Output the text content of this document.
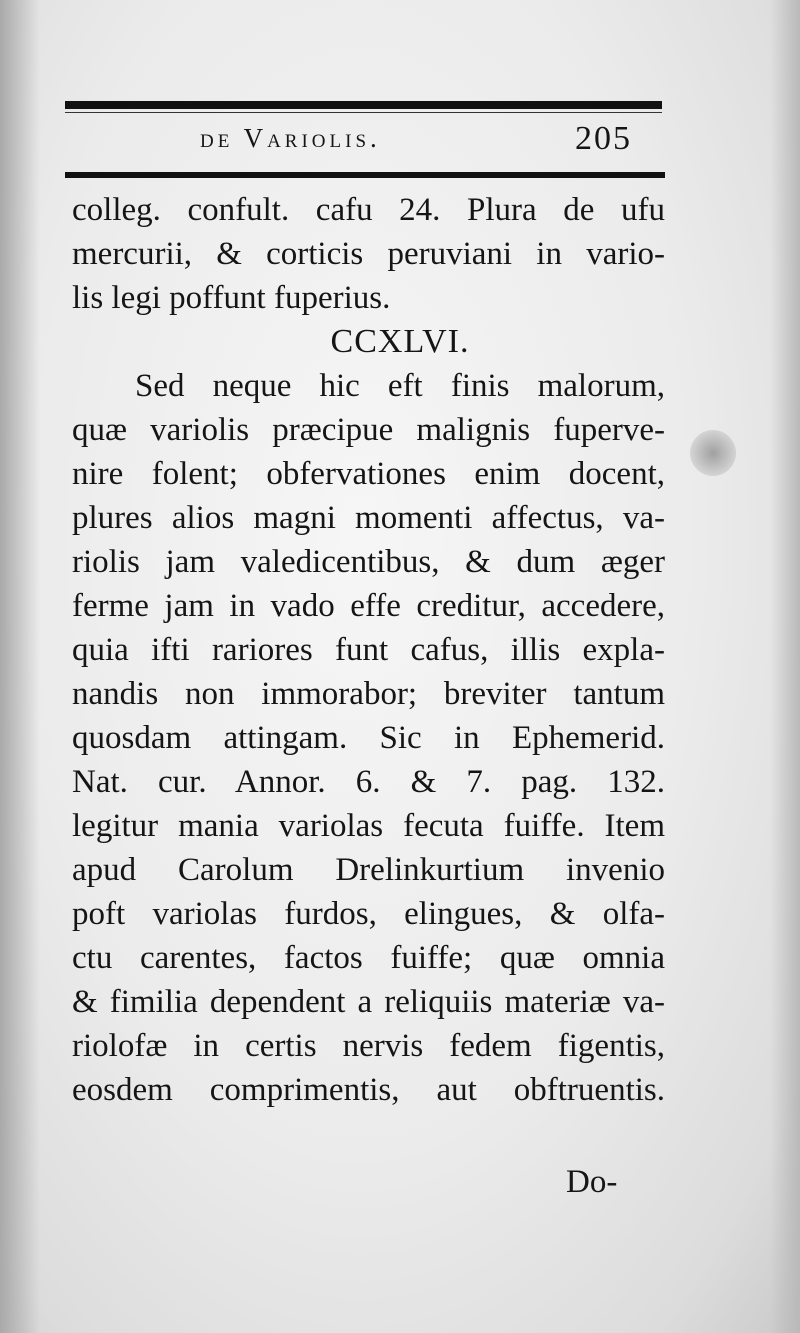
de Variolis.	205
colleg. confult. cafu 24. Plura de ufu
mercurii, & corticis peruviani in vario-
lis legi poffunt fuperius.
CCXLVI.
Sed neque hic eft finis malorum,
quæ variolis præcipue malignis fuperve-
nire folent; obfervationes enim docent,
plures alios magni momenti affectus, va-
riolis jam valedicentibus, & dum æger
ferme jam in vado effe creditur, accedere,
quia ifti rariores funt cafus, illis expla-
nandis non immorabor; breviter tantum
quosdam attingam. Sic in Ephemerid.
Nat. cur. Annor. 6. & 7. pag. 132.
legitur mania variolas fecuta fuiffe. Item
apud Carolum Drelinkurtium invenio
poft variolas furdos, elingues, & olfa-
ctu carentes, factos fuiffe; quæ omnia
& fimilia dependent a reliquiis materiæ va-
riolofæ in certis nervis fedem figentis,
eosdem comprimentis, aut obftruentis.
Do-
